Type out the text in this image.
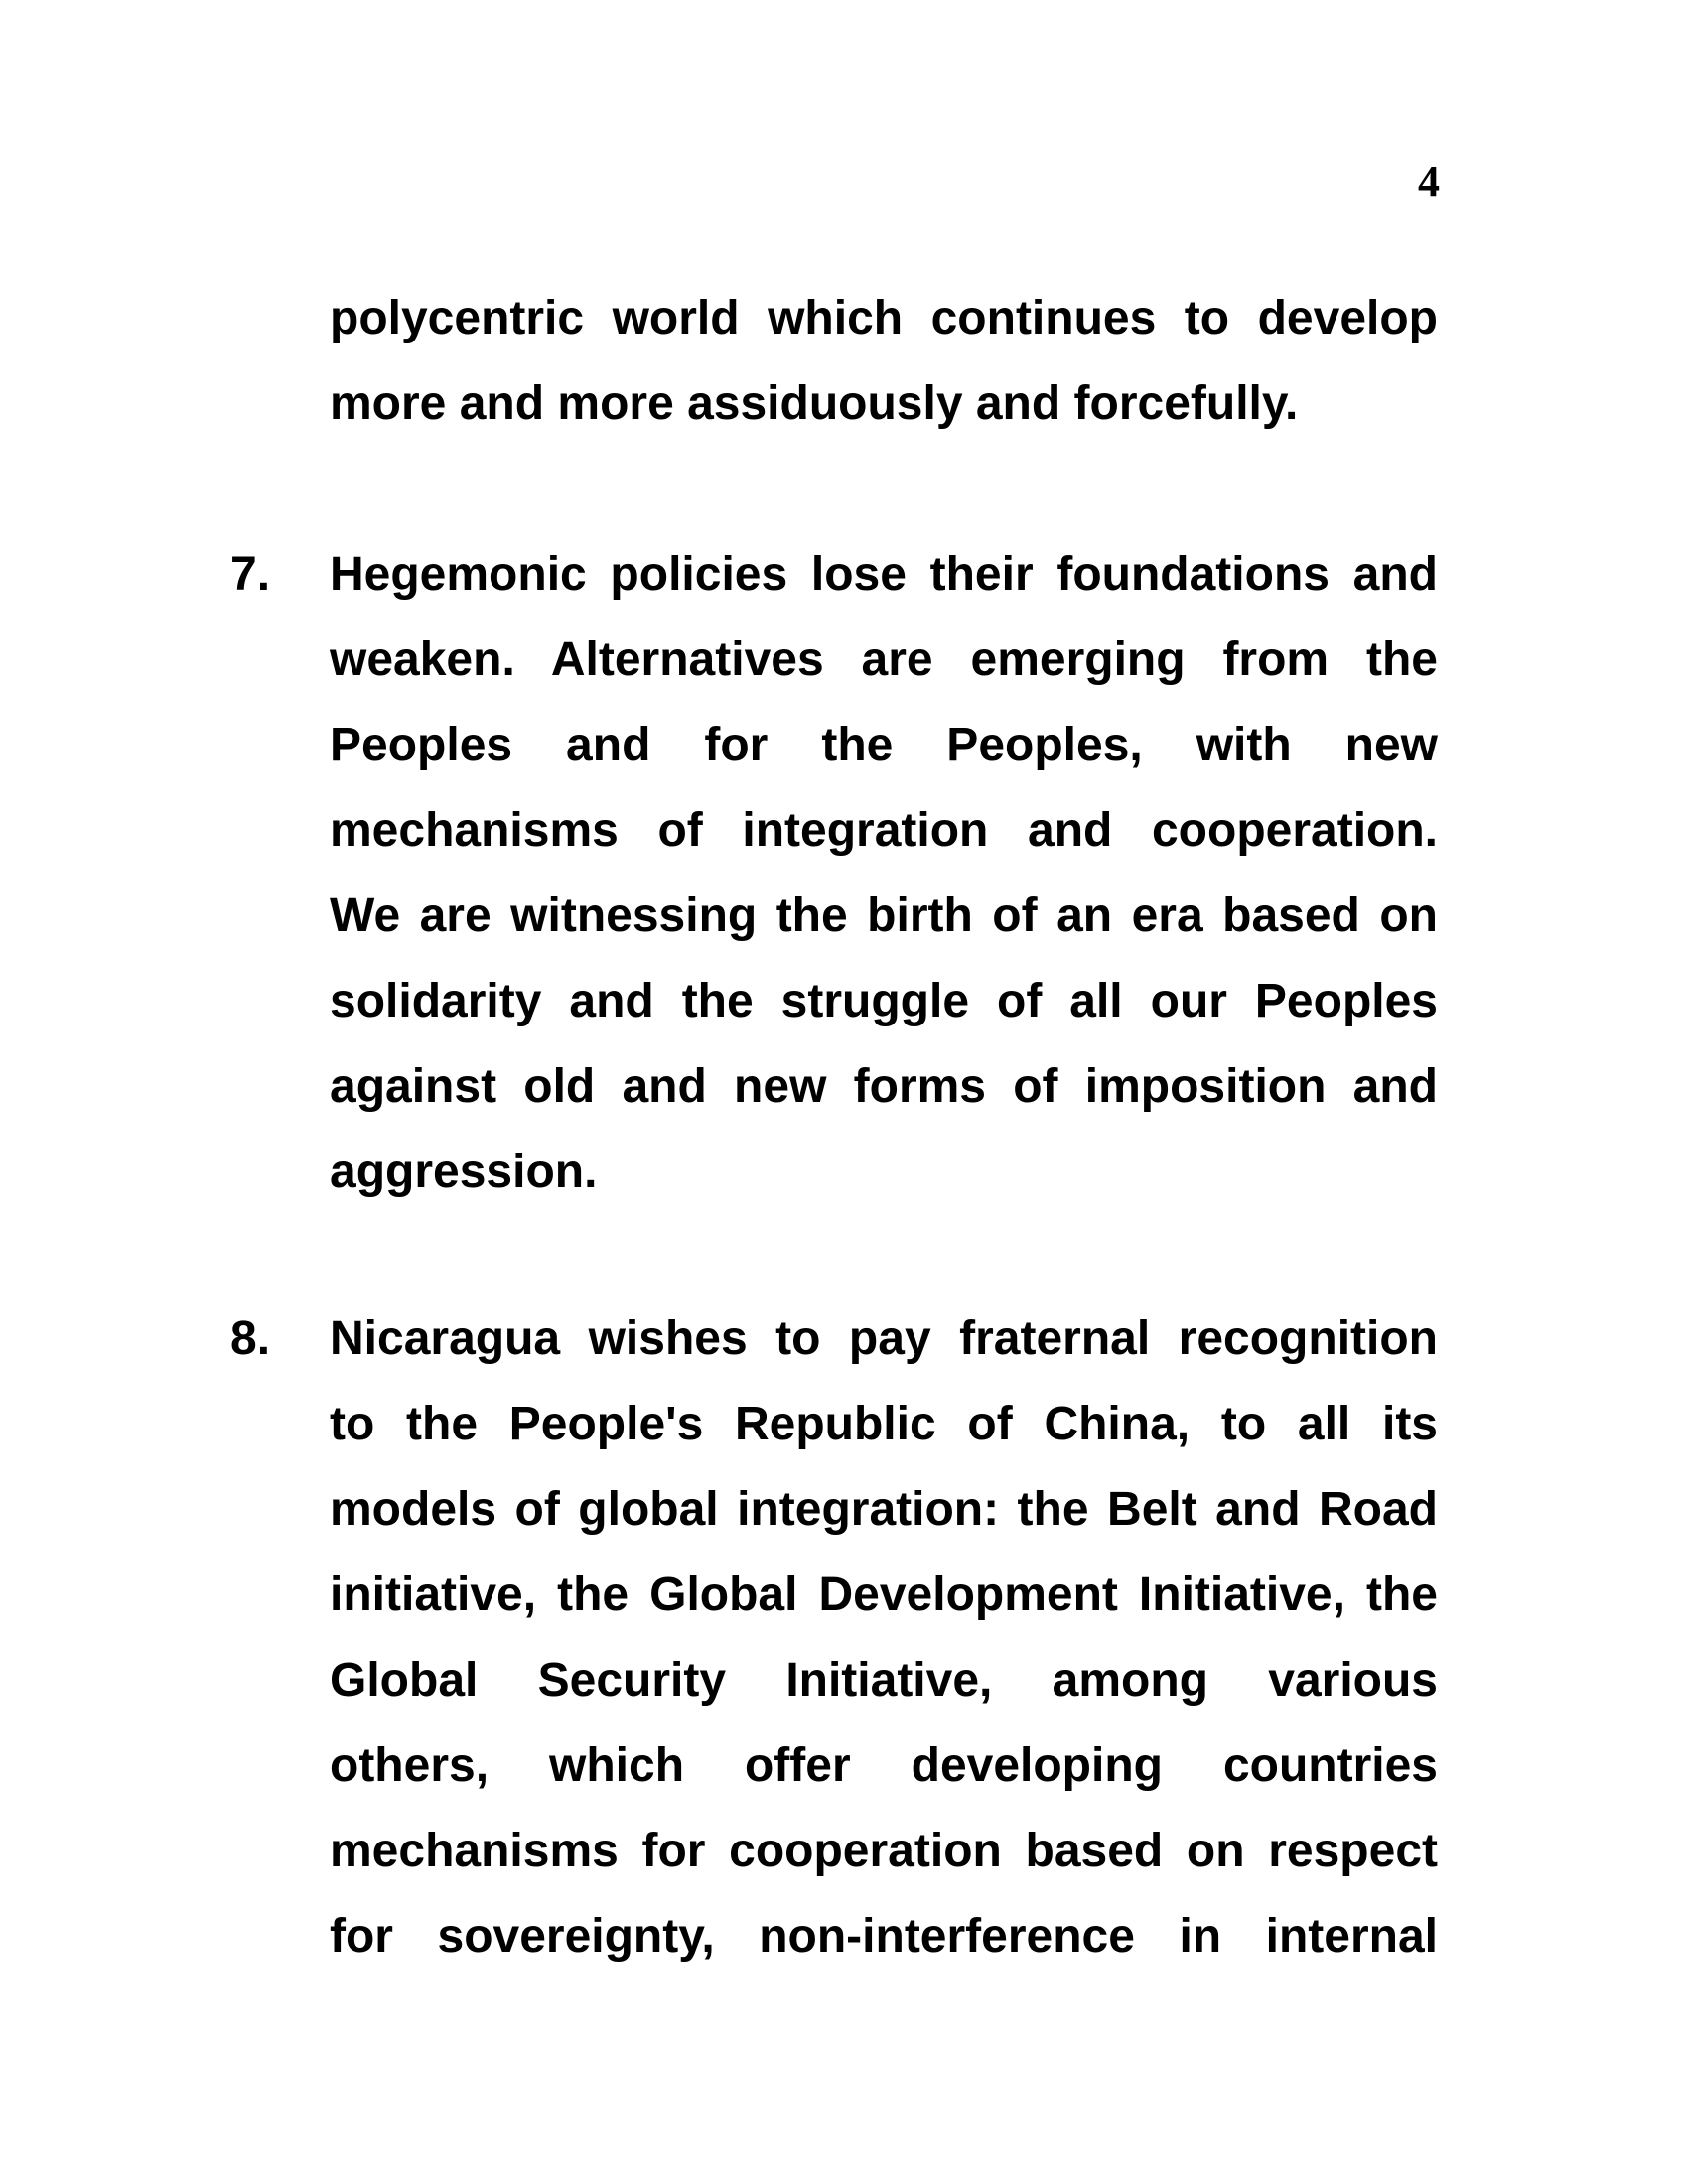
4
polycentric world which continues to develop
more and more assiduously and forcefully.
7.	Hegemonic policies lose their foundations and
weaken. Alternatives are emerging from the
Peoples and for the Peoples, with new
mechanisms of integration and cooperation.
We are witnessing the birth of an era based on
solidarity and the struggle of all our Peoples
against old and new forms of imposition and
aggression.
8.	Nicaragua wishes to pay fraternal recognition
to the People's Republic of China, to all its
models of global integration: the Belt and Road
initiative, the Global Development Initiative, the
Global Security Initiative, among various
others, which offer developing countries
mechanisms for cooperation based on respect
for sovereignty, non-interference in internal
